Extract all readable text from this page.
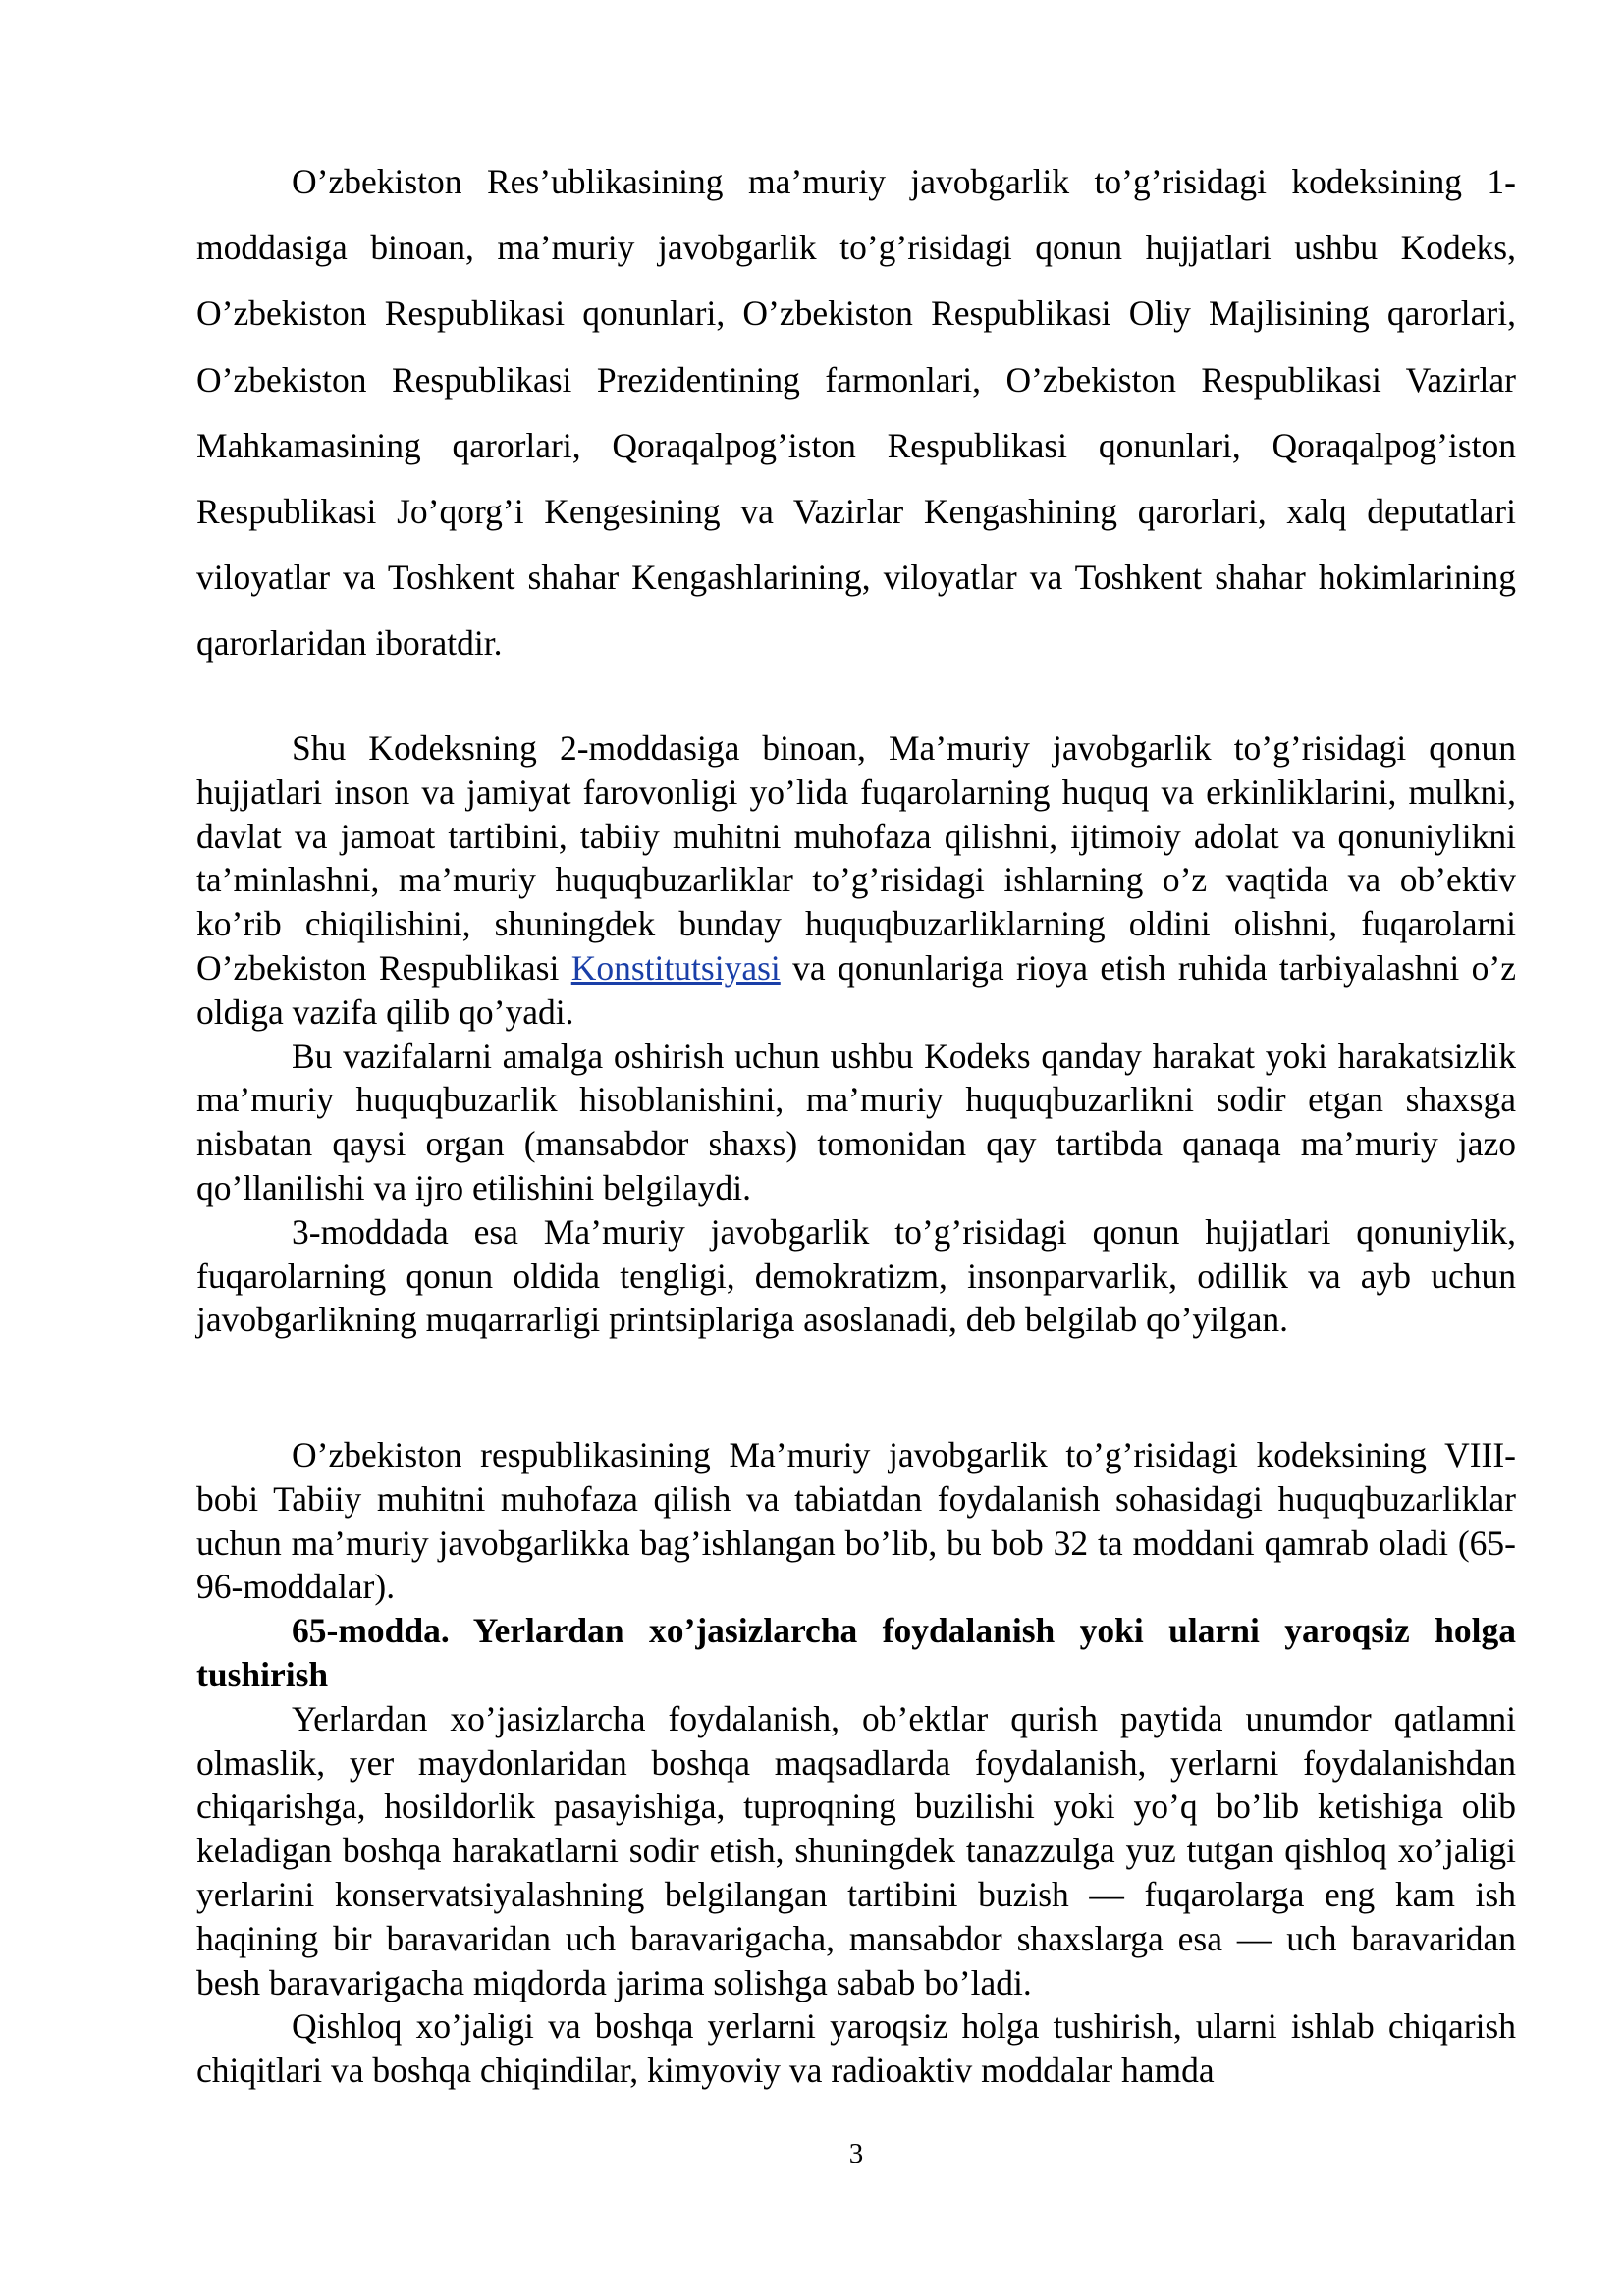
O’zbekiston Res’ublikasining ma’muriy javobgarlik to’g’risidagi kodeksining 1-moddasiga binoan, ma’muriy javobgarlik to’g’risidagi qonun hujjatlari ushbu Kodeks, O’zbekiston Respublikasi qonunlari, O’zbekiston Respublikasi Oliy Majlisining qarorlari, O’zbekiston Respublikasi Prezidentining farmonlari, O’zbekiston Respublikasi Vazirlar Mahkamasining qarorlari, Qoraqalpog’iston Respublikasi qonunlari, Qoraqalpog’iston Respublikasi Jo’qorg’i Kengesining va Vazirlar Kengashining qarorlari, xalq deputatlari viloyatlar va Toshkent shahar Kengashlarining, viloyatlar va Toshkent shahar hokimlarining qarorlaridan iboratdir.

Shu Kodeksning 2-moddasiga binoan, Ma’muriy javobgarlik to’g’risidagi qonun hujjatlari inson va jamiyat farovonligi yo’lida fuqarolarning huquq va erkinliklarini, mulkni, davlat va jamoat tartibini, tabiiy muhitni muhofaza qilishni, ijtimoiy adolat va qonuniylikni ta’minlashni, ma’muriy huquqbuzarliklar to’g’risidagi ishlarning o’z vaqtida va ob’ektiv ko’rib chiqilishini, shuningdek bunday huquqbuzarliklarning oldini olishni, fuqarolarni O’zbekiston Respublikasi Konstitutsiyasi va qonunlariga rioya etish ruhida tarbiyalashni o’z oldiga vazifa qilib qo’yadi.

Bu vazifalarni amalga oshirish uchun ushbu Kodeks qanday harakat yoki harakatsizlik ma’muriy huquqbuzarlik hisoblanishini, ma’muriy huquqbuzarlikni sodir etgan shaxsga nisbatan qaysi organ (mansabdor shaxs) tomonidan qay tartibda qanaqa ma’muriy jazo qo’llanilishi va ijro etilishini belgilaydi.

3-moddada esa Ma’muriy javobgarlik to’g’risidagi qonun hujjatlari qonuniylik, fuqarolarning qonun oldida tengligi, demokratizm, insonparvarlik, odillik va ayb uchun javobgarlikning muqarrarligi printsiplariga asoslanadi, deb belgilab qo’yilgan.

O’zbekiston respublikasining Ma’muriy javobgarlik to’g’risidagi kodeksining VIII-bobi Tabiiy muhitni muhofaza qilish va tabiatdan foydalanish sohasidagi huquqbuzarliklar uchun ma’muriy javobgarlikka bag’ishlangan bo’lib, bu bob 32 ta moddani qamrab oladi (65-96-moddalar).

65-modda. Yerlardan xo’jasizlarcha foydalanish yoki ularni yaroqsiz holga tushirish

Yerlardan xo’jasizlarcha foydalanish, ob’ektlar qurish paytida unumdor qatlamni olmaslik, yer maydonlaridan boshqa maqsadlarda foydalanish, yerlarni foydalanishdan chiqarishga, hosildorlik pasayishiga, tuproqning buzilishi yoki yo’q bo’lib ketishiga olib keladigan boshqa harakatlarni sodir etish, shuningdek tanazzulga yuz tutgan qishloq xo’jaligi yerlarini konservatsiyalashning belgilangan tartibini buzish — fuqarolarga eng kam ish haqining bir baravaridan uch baravarigacha, mansabdor shaxslarga esa — uch baravaridan besh baravarigacha miqdorda jarima solishga sabab bo’ladi.

Qishloq xo’jaligi va boshqa yerlarni yaroqsiz holga tushirish, ularni ishlab chiqarish chiqitlari va boshqa chiqindilar, kimyoviy va radioaktiv moddalar hamda

3
